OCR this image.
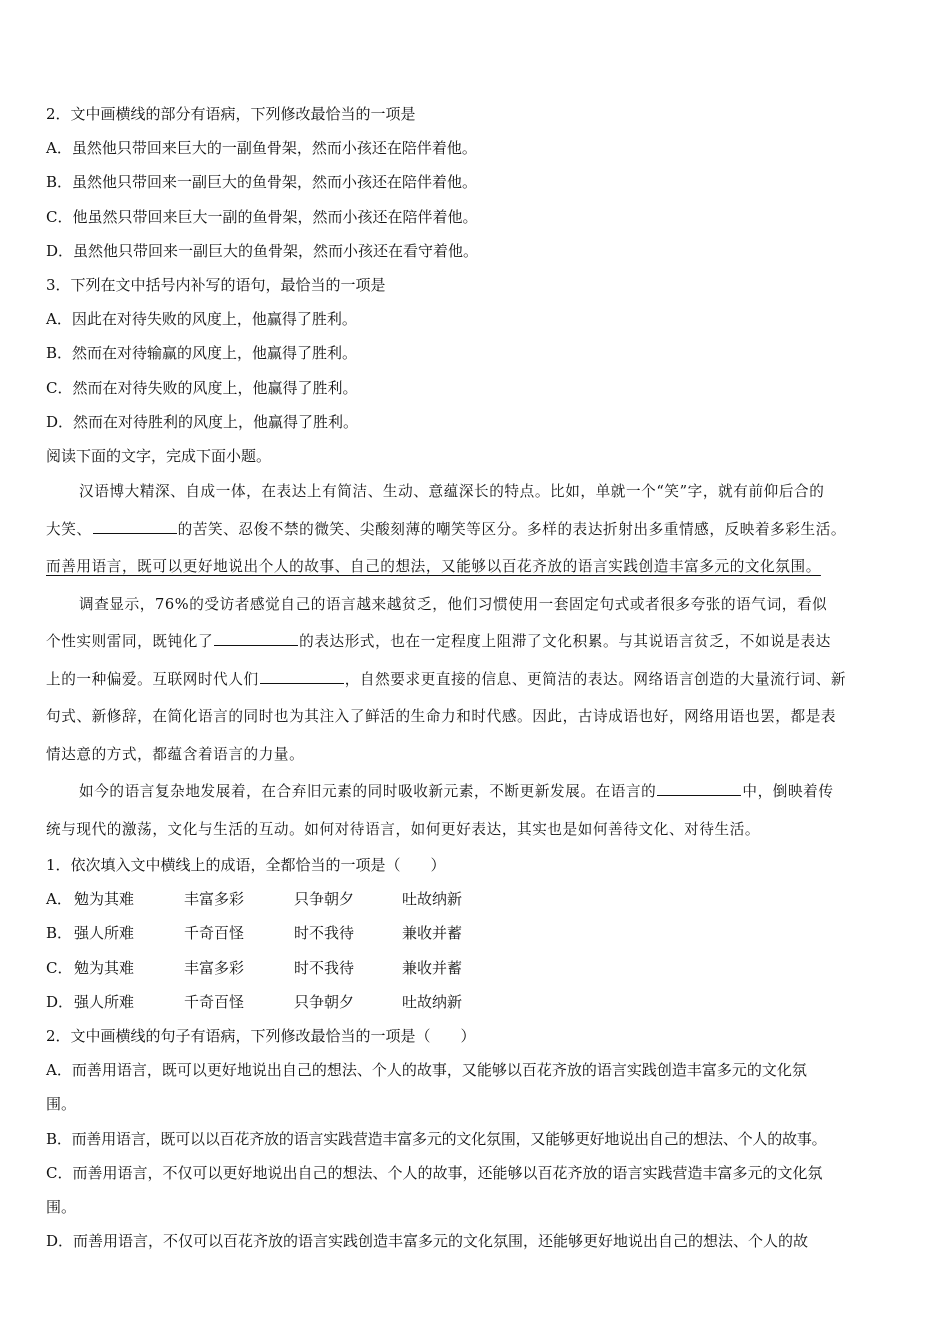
2．文中画横线的部分有语病，下列修改最恰当的一项是
A．虽然他只带回来巨大的一副鱼骨架，然而小孩还在陪伴着他。
B．虽然他只带回来一副巨大的鱼骨架，然而小孩还在陪伴着他。
C．他虽然只带回来巨大一副的鱼骨架，然而小孩还在陪伴着他。
D．虽然他只带回来一副巨大的鱼骨架，然而小孩还在看守着他。
3．下列在文中括号内补写的语句，最恰当的一项是
A．因此在对待失败的风度上，他赢得了胜利。
B．然而在对待输赢的风度上，他赢得了胜利。
C．然而在对待失败的风度上，他赢得了胜利。
D．然而在对待胜利的风度上，他赢得了胜利。
阅读下面的文字，完成下面小题。
汉语博大精深、自成一体，在表达上有简洁、生动、意蕴深长的特点。比如，单就一个“笑”字，就有前仰后合的
大笑、	的苦笑、忍俊不禁的微笑、尖酸刻薄的嘲笑等区分。多样的表达折射出多重情感，反映着多彩生活。
而善用语言，既可以更好地说出个人的故事、自己的想法，又能够以百花齐放的语言实践创造丰富多元的文化氛围。
调查显示，76%的受访者感觉自己的语言越来越贫乏，他们习惯使用一套固定句式或者很多夸张的语气词，看似
个性实则雷同，既钝化了	的表达形式，也在一定程度上阻滞了文化积累。与其说语言贫乏，不如说是表达
上的一种偏爱。互联网时代人们	，自然要求更直接的信息、更简洁的表达。网络语言创造的大量流行词、新
句式、新修辞，在简化语言的同时也为其注入了鲜活的生命力和时代感。因此，古诗成语也好，网络用语也罢，都是表
情达意的方式，都蕴含着语言的力量。
如今的语言复杂地发展着，在合弃旧元素的同时吸收新元素，不断更新发展。在语言的	中，倒映着传
统与现代的激荡，文化与生活的互动。如何对待语言，如何更好表达，其实也是如何善待文化、对待生活。
1．依次填入文中横线上的成语，全都恰当的一项是（　　）
A． 勉为其难	丰富多彩	只争朝夕	吐故纳新
B． 强人所难	千奇百怪	时不我待	兼收并蓄
C． 勉为其难	丰富多彩	时不我待	兼收并蓄
D．强人所难	千奇百怪	只争朝夕	吐故纳新
2．文中画横线的句子有语病，下列修改最恰当的一项是（　　）
A．而善用语言，既可以更好地说出自己的想法、个人的故事，又能够以百花齐放的语言实践创造丰富多元的文化氛
围。
B．而善用语言，既可以以百花齐放的语言实践营造丰富多元的文化氛围，又能够更好地说出自己的想法、个人的故事。
C．而善用语言，不仅可以更好地说出自己的想法、个人的故事，还能够以百花齐放的语言实践营造丰富多元的文化氛
围。
D．而善用语言，不仅可以百花齐放的语言实践创造丰富多元的文化氛围，还能够更好地说出自己的想法、个人的故
